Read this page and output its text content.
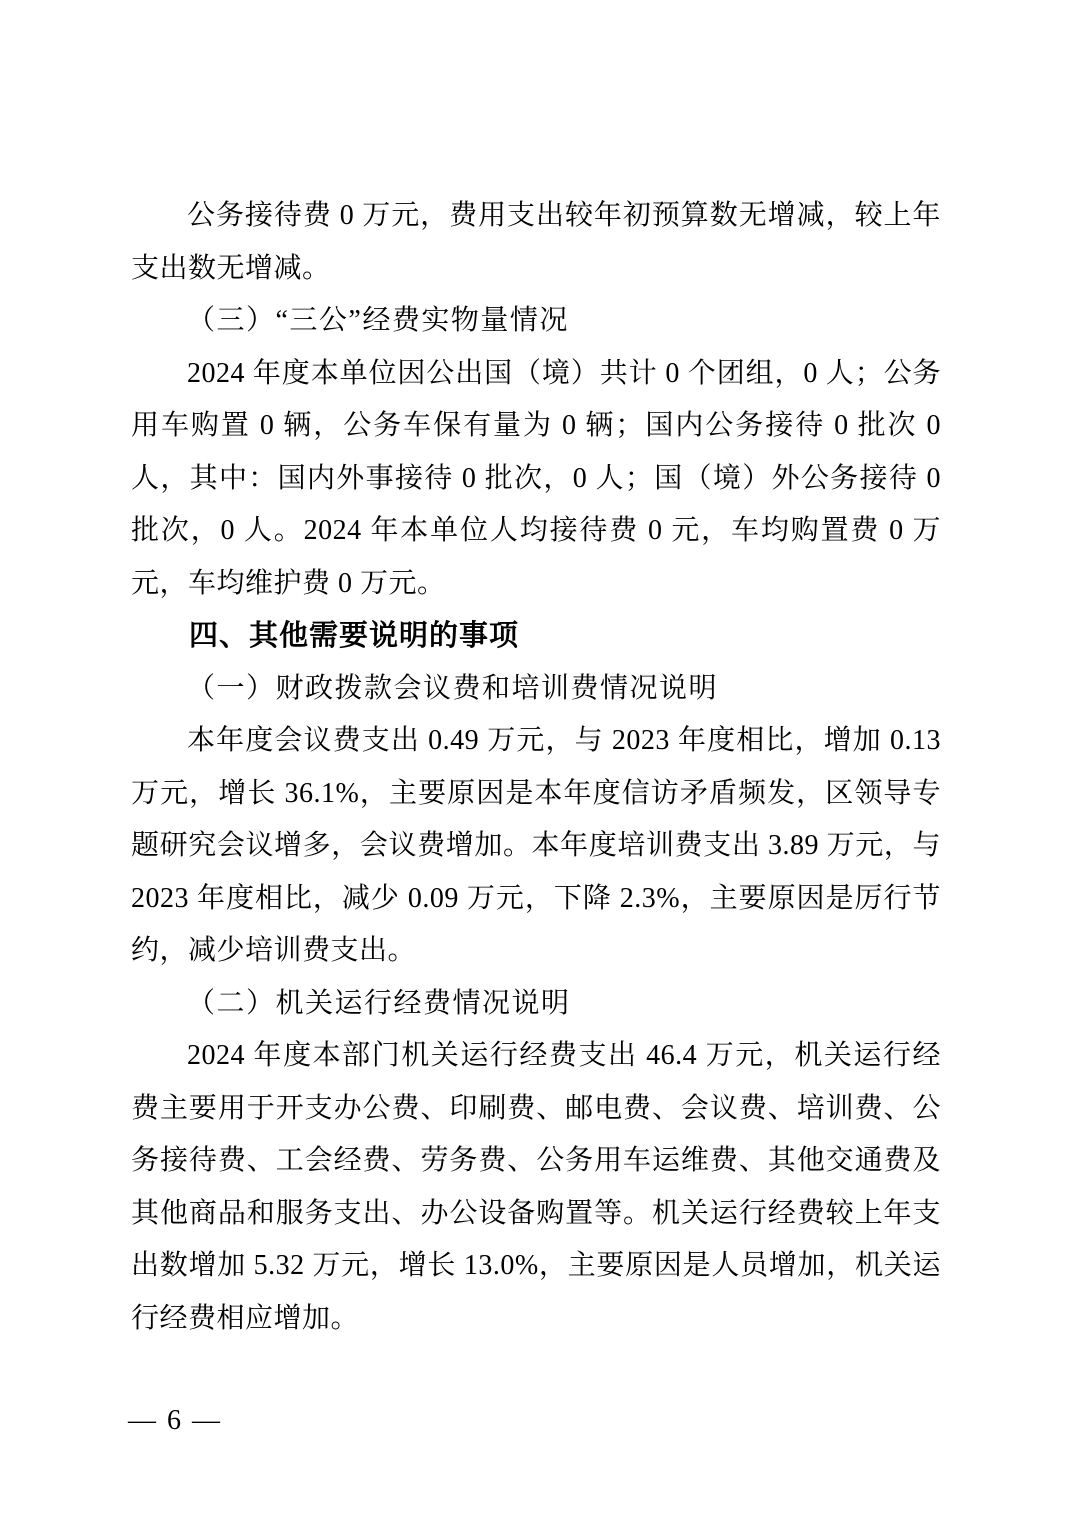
公务接待费 0 万元，费用支出较年初预算数无增减，较上年支出数无增减。

（三）“三公”经费实物量情况

2024 年度本单位因公出国（境）共计 0 个团组，0 人；公务用车购置 0 辆，公务车保有量为 0 辆；国内公务接待 0 批次 0 人，其中：国内外事接待 0 批次，0 人；国（境）外公务接待 0 批次，0 人。2024 年本单位人均接待费 0 元，车均购置费 0 万元，车均维护费 0 万元。

四、其他需要说明的事项

（一）财政拨款会议费和培训费情况说明

本年度会议费支出 0.49 万元，与 2023 年度相比，增加 0.13 万元，增长 36.1%，主要原因是本年度信访矛盾频发，区领导专题研究会议增多，会议费增加。本年度培训费支出 3.89 万元，与 2023 年度相比，减少 0.09 万元，下降 2.3%，主要原因是厉行节约，减少培训费支出。

（二）机关运行经费情况说明

2024 年度本部门机关运行经费支出 46.4 万元，机关运行经费主要用于开支办公费、印刷费、邮电费、会议费、培训费、公务接待费、工会经费、劳务费、公务用车运维费、其他交通费及其他商品和服务支出、办公设备购置等。机关运行经费较上年支出数增加 5.32 万元，增长 13.0%，主要原因是人员增加，机关运行经费相应增加。

— 6 —
